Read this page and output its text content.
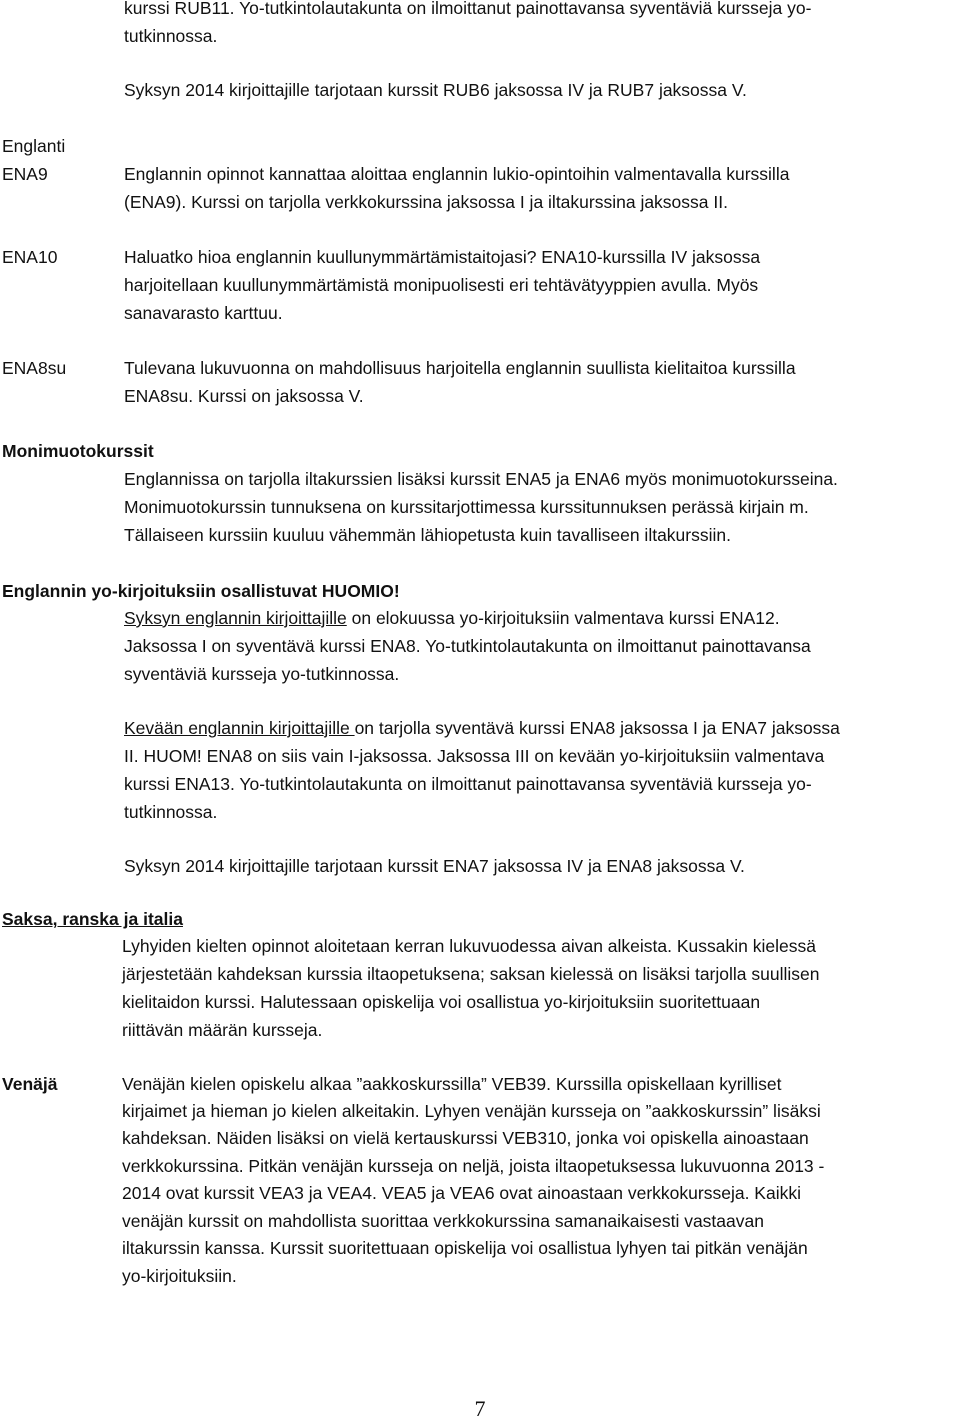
kurssi RUB11. Yo-tutkintolautakunta on ilmoittanut painottavansa syventäviä kursseja yo-
tutkinnossa.
Syksyn 2014 kirjoittajille tarjotaan kurssit RUB6 jaksossa IV ja RUB7 jaksossa V.
Englanti
ENA9	Englannin opinnot kannattaa aloittaa englannin lukio-opintoihin valmentavalla kurssilla
(ENA9). Kurssi on tarjolla verkkokurssina jaksossa I ja iltakurssina jaksossa II.
ENA10	Haluatko hioa englannin kuullunymmärtämistaitojasi? ENA10-kurssilla IV jaksossa
harjoitellaan kuullunymmärtämistä monipuolisesti eri tehtävätyyppien avulla. Myös
sanavarasto karttuu.
ENA8su	Tulevana lukuvuonna on mahdollisuus harjoitella englannin suullista kielitaitoa kurssilla
ENA8su. Kurssi on jaksossa V.
Monimuotokurssit
Englannissa on tarjolla iltakurssien lisäksi kurssit ENA5 ja ENA6 myös monimuotokursseina.
Monimuotokurssin tunnuksena on kurssitarjottimessa kurssitunnuksen perässä kirjain m.
Tällaiseen kurssiin kuuluu vähemmän lähiopetusta kuin tavalliseen iltakurssiin.
Englannin yo-kirjoituksiin osallistuvat HUOMIO!
Syksyn englannin kirjoittajille on elokuussa yo-kirjoituksiin valmentava kurssi ENA12.
Jaksossa I on syventävä kurssi ENA8. Yo-tutkintolautakunta on ilmoittanut painottavansa
syventäviä kursseja yo-tutkinnossa.
Kevään englannin kirjoittajille on tarjolla syventävä kurssi ENA8 jaksossa I ja ENA7 jaksossa
II. HUOM! ENA8 on siis vain I-jaksossa. Jaksossa III on kevään yo-kirjoituksiin valmentava
kurssi ENA13. Yo-tutkintolautakunta on ilmoittanut painottavansa syventäviä kursseja yo-
tutkinnossa.
Syksyn 2014 kirjoittajille tarjotaan kurssit ENA7 jaksossa IV ja ENA8 jaksossa V.
Saksa, ranska ja italia
Lyhyiden kielten opinnot aloitetaan kerran lukuvuodessa aivan alkeista. Kussakin kielessä
järjestetään kahdeksan kurssia iltaopetuksena; saksan kielessä on lisäksi tarjolla suullisen
kielitaidon kurssi. Halutessaan opiskelija voi osallistua yo-kirjoituksiin suoritettuaan
riittävän määrän kursseja.
Venäjä	Venäjän kielen opiskelu alkaa ”aakkoskurssilla” VEB39. Kurssilla opiskellaan kyrilliset
kirjaimet ja hieman jo kielen alkeitakin. Lyhyen venäjän kursseja on ”aakkoskurssin” lisäksi
kahdeksan. Näiden lisäksi on vielä kertauskurssi VEB310, jonka voi opiskella ainoastaan
verkkokurssina. Pitkän venäjän kursseja on neljä, joista iltaopetuksessa lukuvuonna 2013 -
2014 ovat kurssit VEA3 ja VEA4. VEA5 ja VEA6 ovat ainoastaan verkkokursseja. Kaikki
venäjän kurssit on mahdollista suorittaa verkkokurssina samanaikaisesti vastaavan
iltakurssin kanssa. Kurssit suoritettuaan opiskelija voi osallistua lyhyen tai pitkän venäjän
yo-kirjoituksiin.
7
